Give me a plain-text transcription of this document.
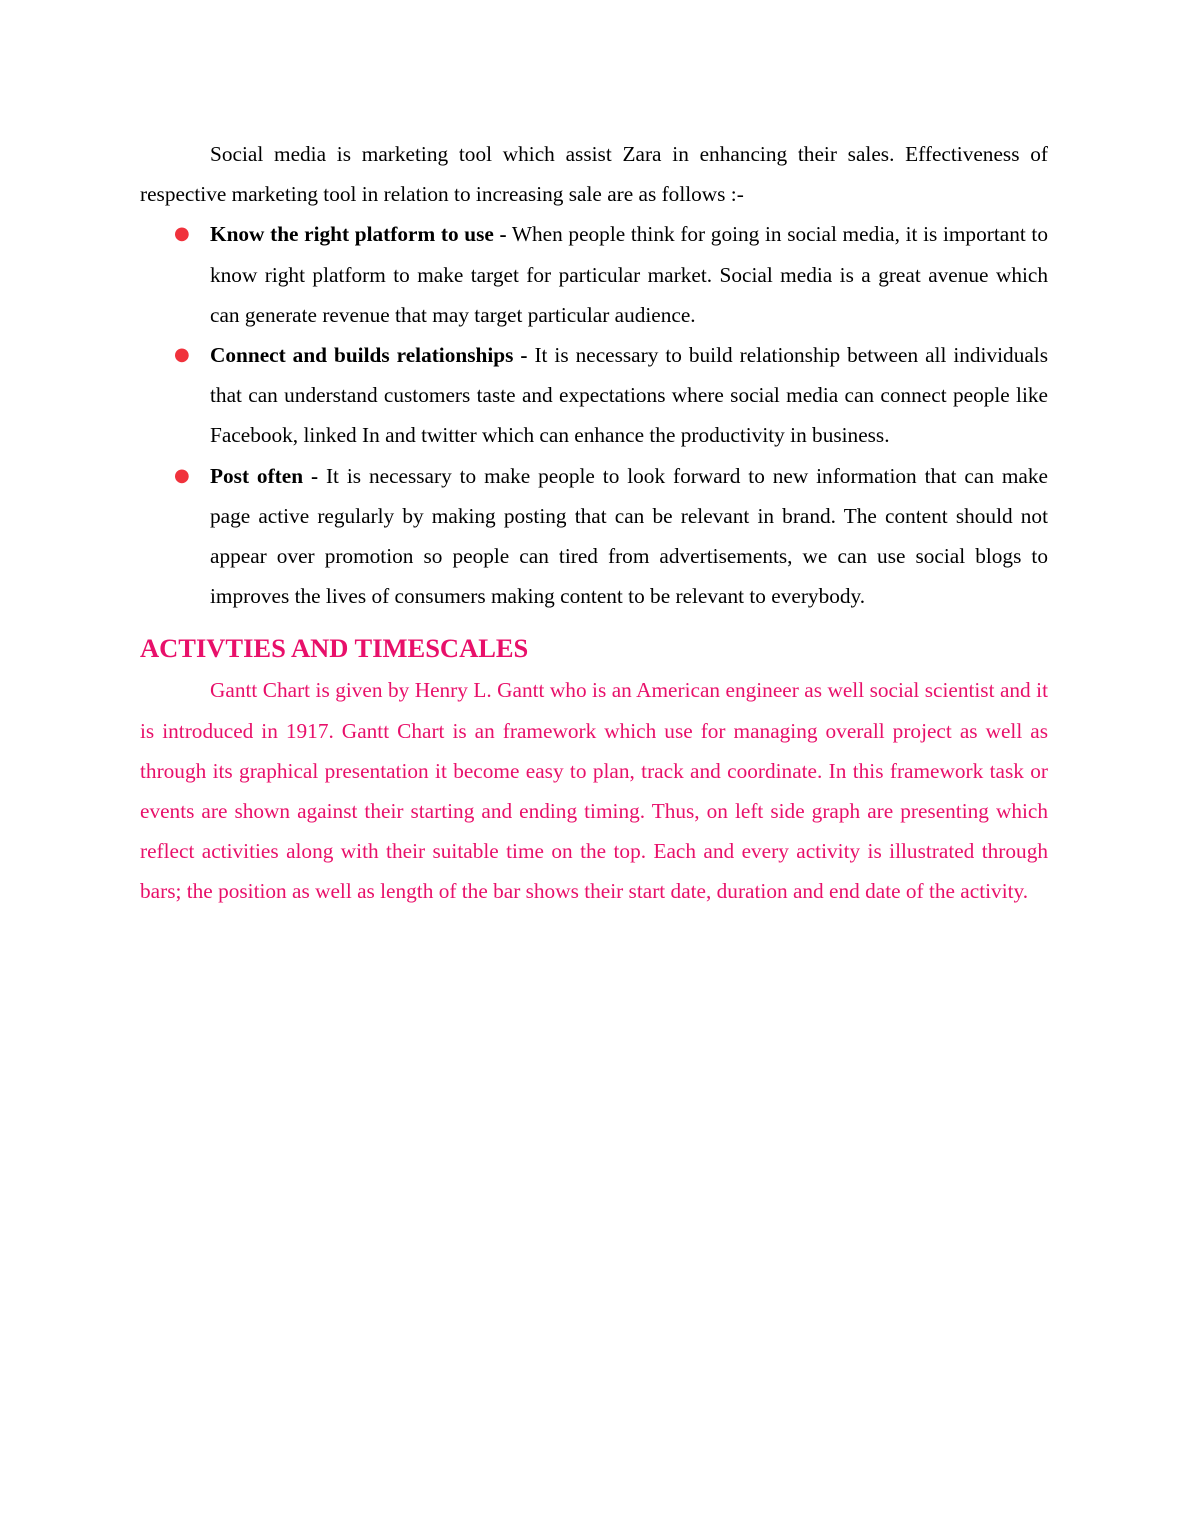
Social media is marketing tool which assist Zara in enhancing their sales. Effectiveness of respective marketing tool in relation to increasing sale are as follows :-

● Know the right platform to use - When people think for going in social media, it is important to know right platform to make target for particular market. Social media is a great avenue which can generate revenue that may target particular audience.
● Connect and builds relationships - It is necessary to build relationship between all individuals that can understand customers taste and expectations where social media can connect people like Facebook, linked In and twitter which can enhance the productivity in business.
● Post often - It is necessary to make people to look forward to new information that can make page active regularly by making posting that can be relevant in brand. The content should not appear over promotion so people can tired from advertisements, we can use social blogs to improves the lives of consumers making content to be relevant to everybody.
ACTIVTIES AND TIMESCALES

Gantt Chart is given by Henry L. Gantt who is an American engineer as well social scientist and it is introduced in 1917. Gantt Chart is an framework which use for managing overall project as well as through its graphical presentation it become easy to plan, track and coordinate. In this framework task or events are shown against their starting and ending timing. Thus, on left side graph are presenting which reflect activities along with their suitable time on the top. Each and every activity is illustrated through bars; the position as well as length of the bar shows their start date, duration and end date of the activity.
